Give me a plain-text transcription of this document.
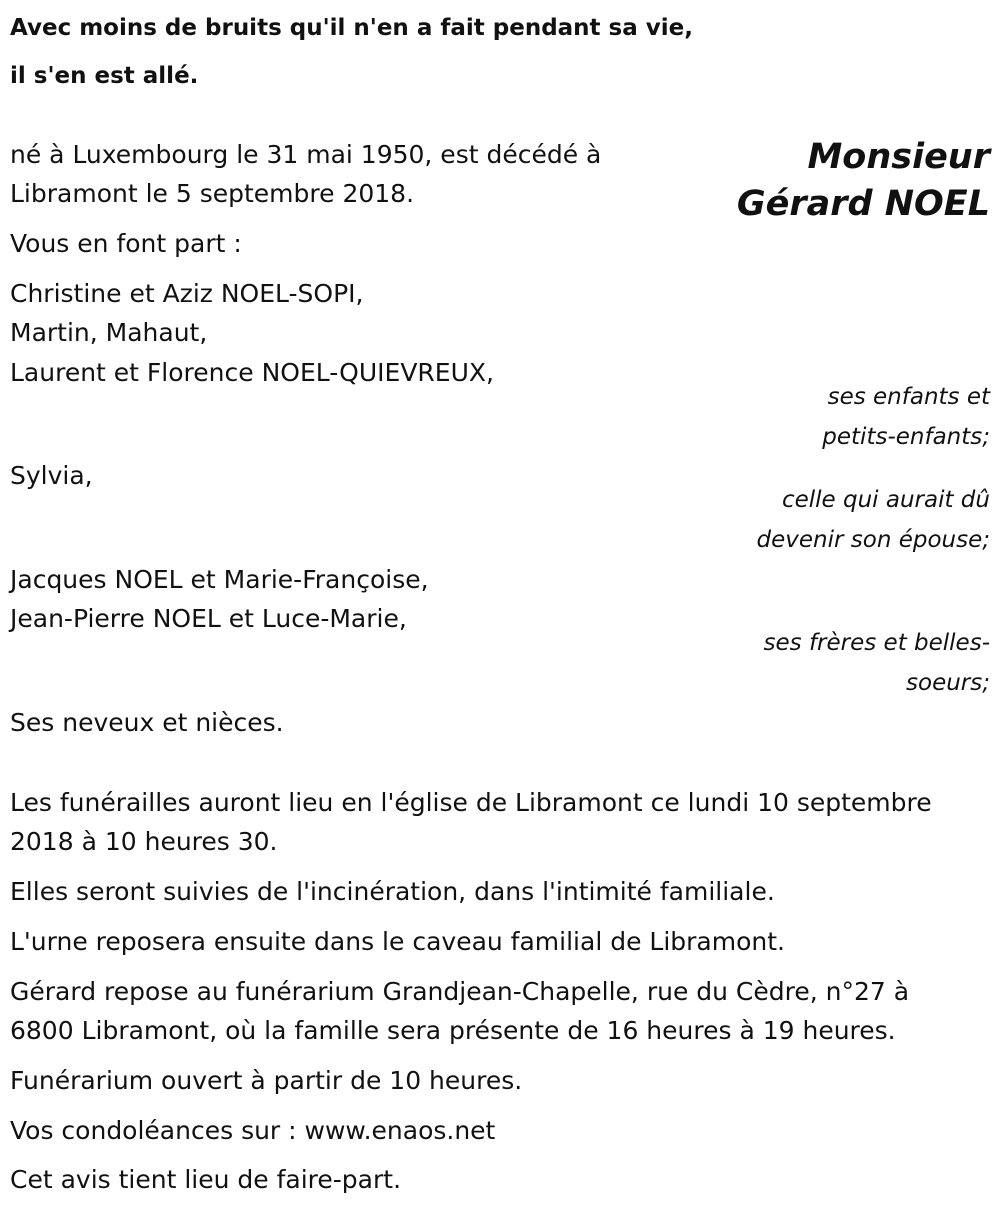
Avec moins de bruits qu'il n'en a fait pendant sa vie,
il s'en est allé.
Monsieur
Gérard NOEL
né à Luxembourg le 31 mai 1950, est décédé à
Libramont le 5 septembre 2018.
Vous en font part :
Christine et Aziz NOEL-SOPI,
Martin, Mahaut,
Laurent et Florence NOEL-QUIEVREUX,
ses enfants et
petits-enfants;
Sylvia,
celle qui aurait dû
devenir son épouse;
Jacques NOEL et Marie-Françoise,
Jean-Pierre NOEL et Luce-Marie,
ses frères et belles-
soeurs;
Ses neveux et nièces.
Les funérailles auront lieu en l'église de Libramont ce lundi 10 septembre
2018 à 10 heures 30.
Elles seront suivies de l'incinération, dans l'intimité familiale.
L'urne reposera ensuite dans le caveau familial de Libramont.
Gérard repose au funérarium Grandjean-Chapelle, rue du Cèdre, n°27 à
6800 Libramont, où la famille sera présente de 16 heures à 19 heures.
Funérarium ouvert à partir de 10 heures.
Vos condoléances sur : www.enaos.net
Cet avis tient lieu de faire-part.
